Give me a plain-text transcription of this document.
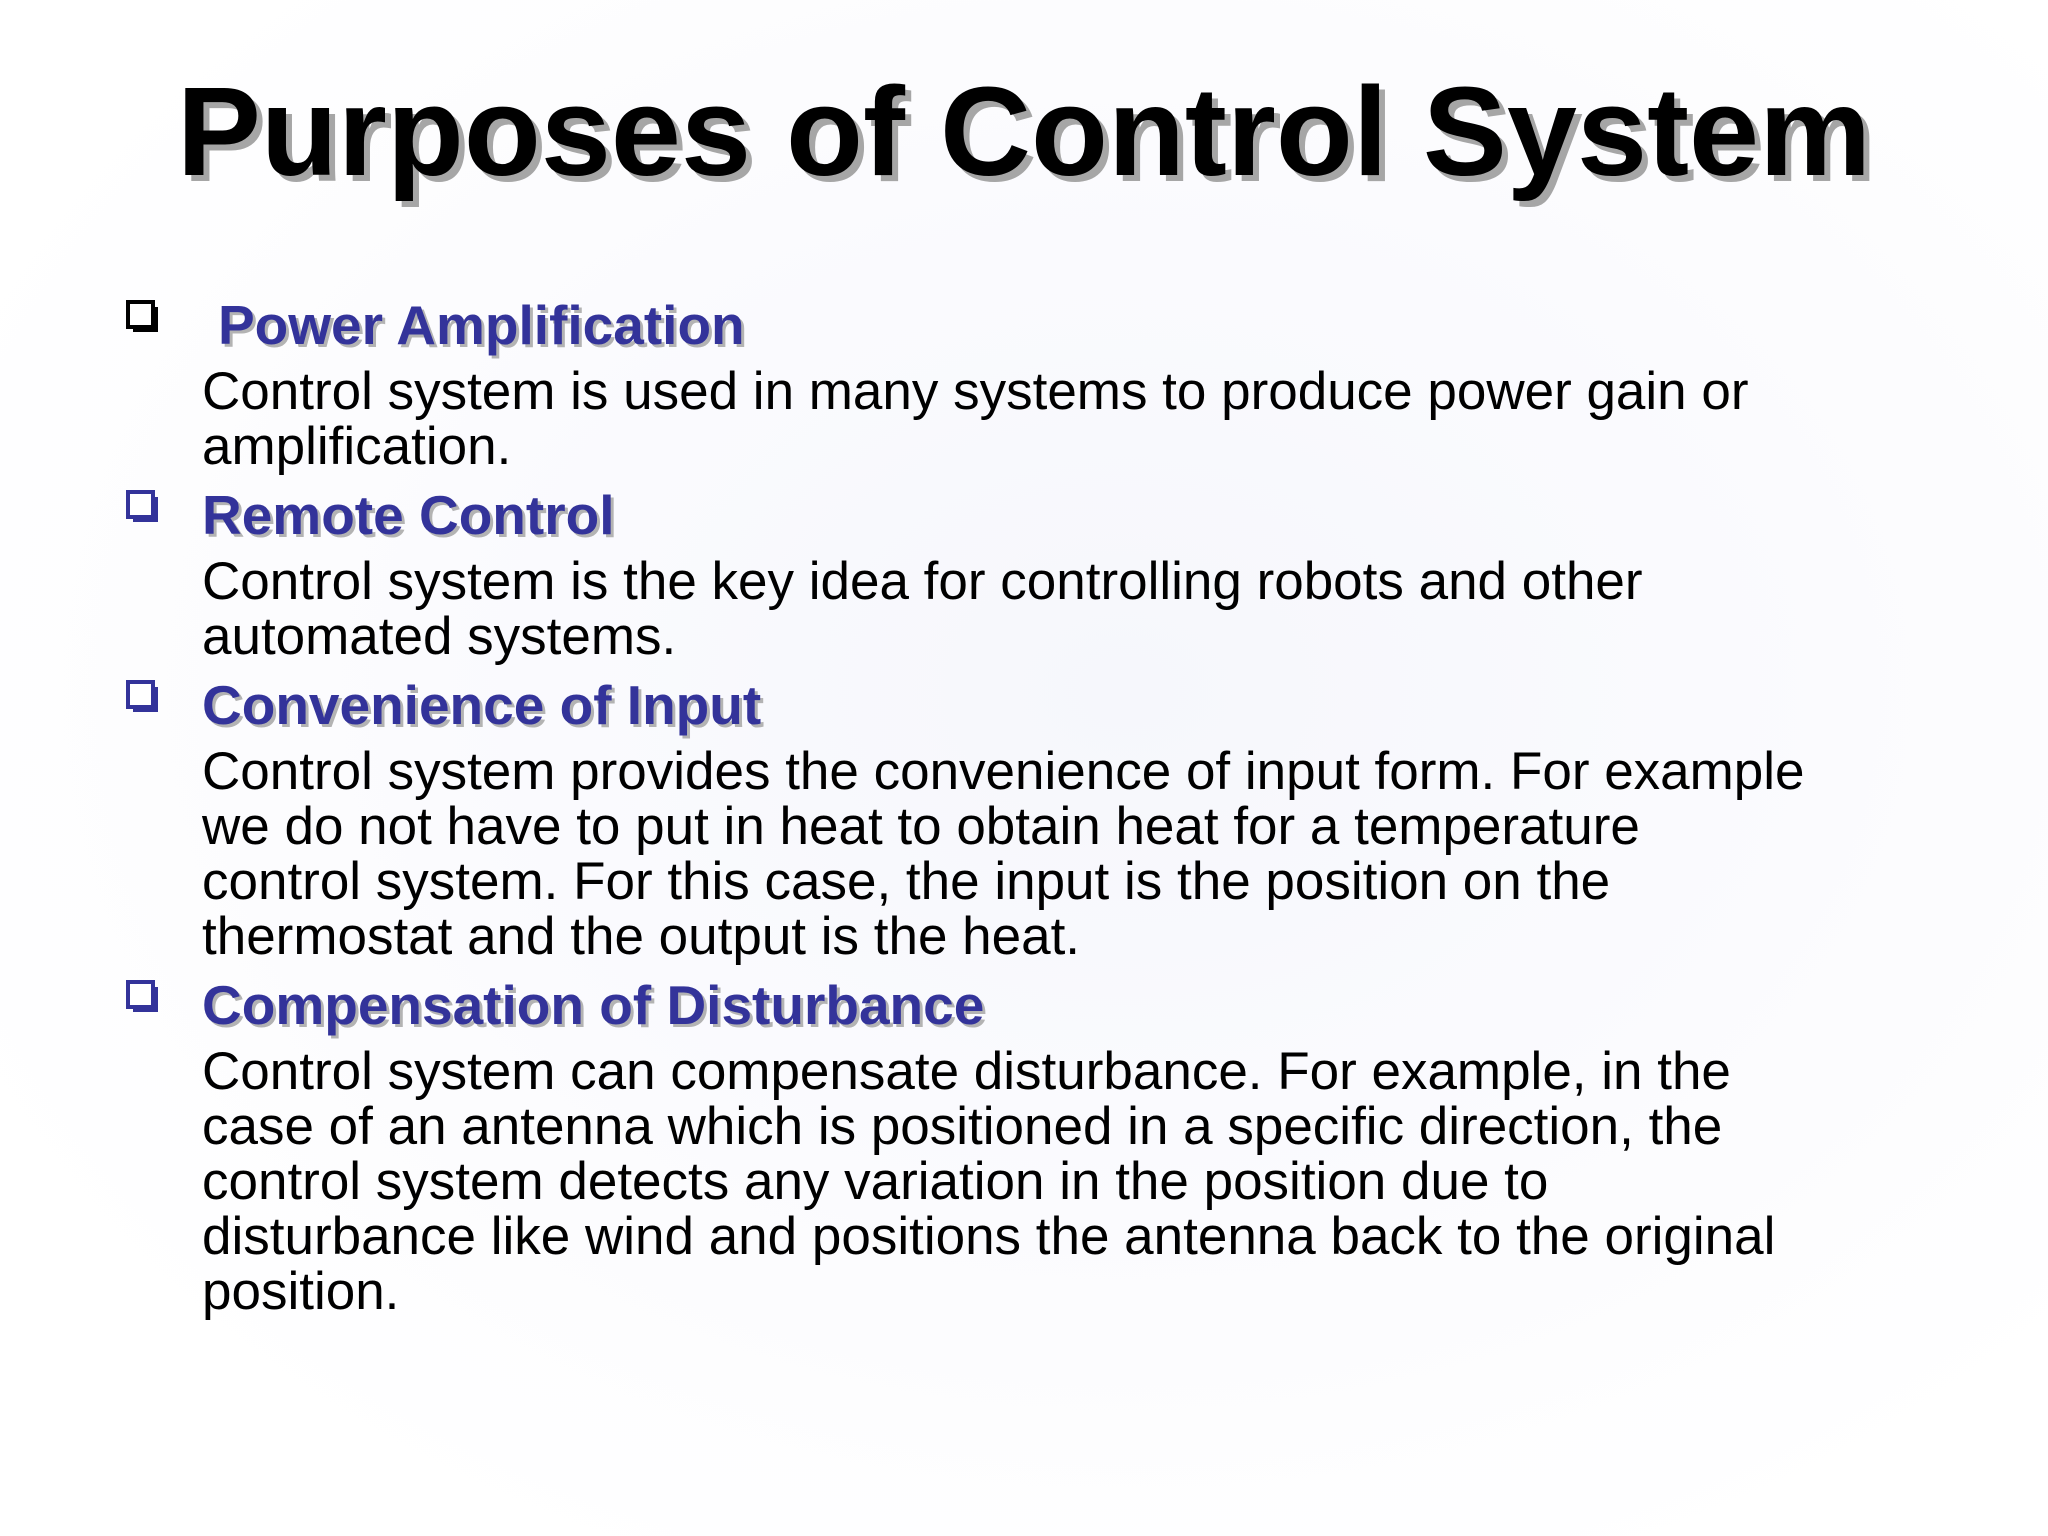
Purposes of Control System
Power Amplification

Control system is used in many systems to produce power gain or
amplification.

Remote Control

Control system is the key idea for controlling robots and other
automated systems.

Convenience of Input

Control system provides the convenience of input form. For example
we do not have to put in heat to obtain heat for a temperature
control system. For this case, the input is the position on the
thermostat and the output is the heat.

Compensation of Disturbance

Control system can compensate disturbance. For example, in the
case of an antenna which is positioned in a specific direction, the
control system detects any variation in the position due to
disturbance like wind and positions the antenna back to the original
position.
